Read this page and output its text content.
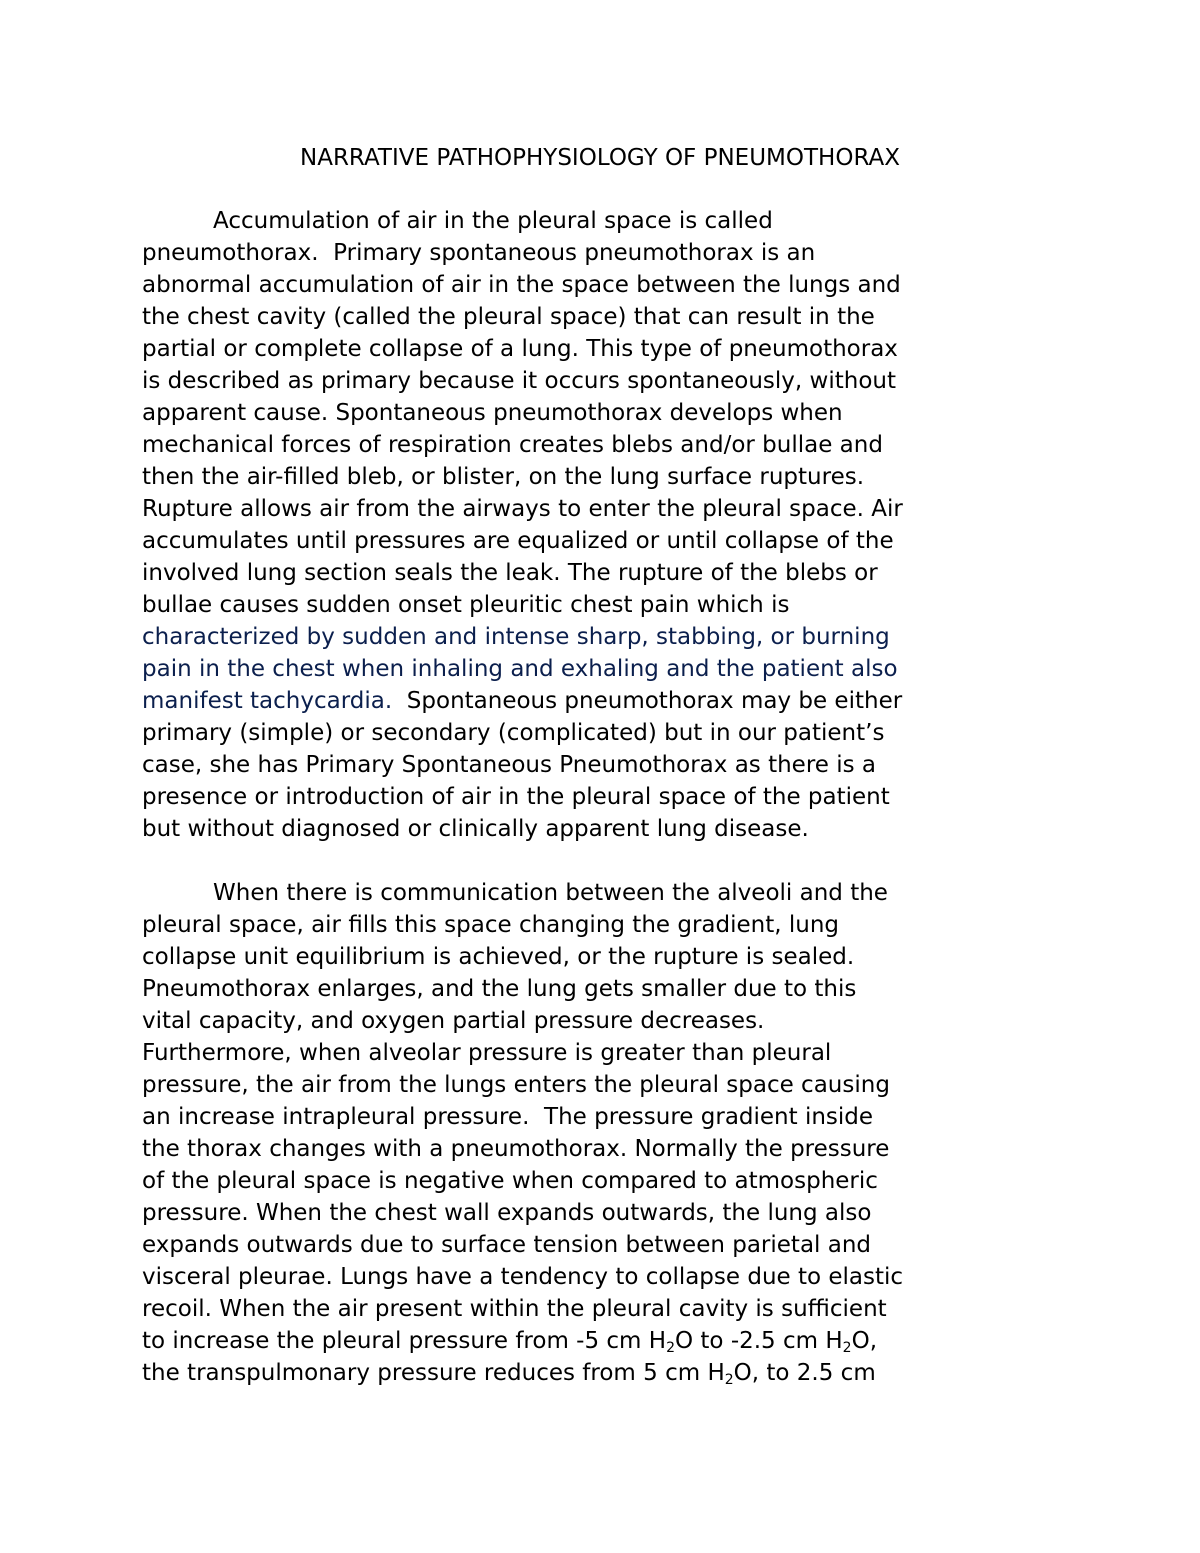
NARRATIVE PATHOPHYSIOLOGY OF PNEUMOTHORAX
Accumulation of air in the pleural space is called
pneumothorax.  Primary spontaneous pneumothorax is an
abnormal accumulation of air in the space between the lungs and
the chest cavity (called the pleural space) that can result in the
partial or complete collapse of a lung. This type of pneumothorax
is described as primary because it occurs spontaneously, without
apparent cause. Spontaneous pneumothorax develops when
mechanical forces of respiration creates blebs and/or bullae and
then the air-filled bleb, or blister, on the lung surface ruptures.
Rupture allows air from the airways to enter the pleural space. Air
accumulates until pressures are equalized or until collapse of the
involved lung section seals the leak. The rupture of the blebs or
bullae causes sudden onset pleuritic chest pain which is
characterized by sudden and intense sharp, stabbing, or burning
pain in the chest when inhaling and exhaling and the patient also
manifest tachycardia.  Spontaneous pneumothorax may be either
primary (simple) or secondary (complicated) but in our patient’s
case, she has Primary Spontaneous Pneumothorax as there is a
presence or introduction of air in the pleural space of the patient
but without diagnosed or clinically apparent lung disease.
When there is communication between the alveoli and the
pleural space, air fills this space changing the gradient, lung
collapse unit equilibrium is achieved, or the rupture is sealed.
Pneumothorax enlarges, and the lung gets smaller due to this
vital capacity, and oxygen partial pressure decreases.
Furthermore, when alveolar pressure is greater than pleural
pressure, the air from the lungs enters the pleural space causing
an increase intrapleural pressure.  The pressure gradient inside
the thorax changes with a pneumothorax. Normally the pressure
of the pleural space is negative when compared to atmospheric
pressure. When the chest wall expands outwards, the lung also
expands outwards due to surface tension between parietal and
visceral pleurae. Lungs have a tendency to collapse due to elastic
recoil. When the air present within the pleural cavity is sufficient
to increase the pleural pressure from -5 cm $H_2O$ to -2.5 cm $H_2O$,
the transpulmonary pressure reduces from 5 cm $H_2O$, to 2.5 cm
